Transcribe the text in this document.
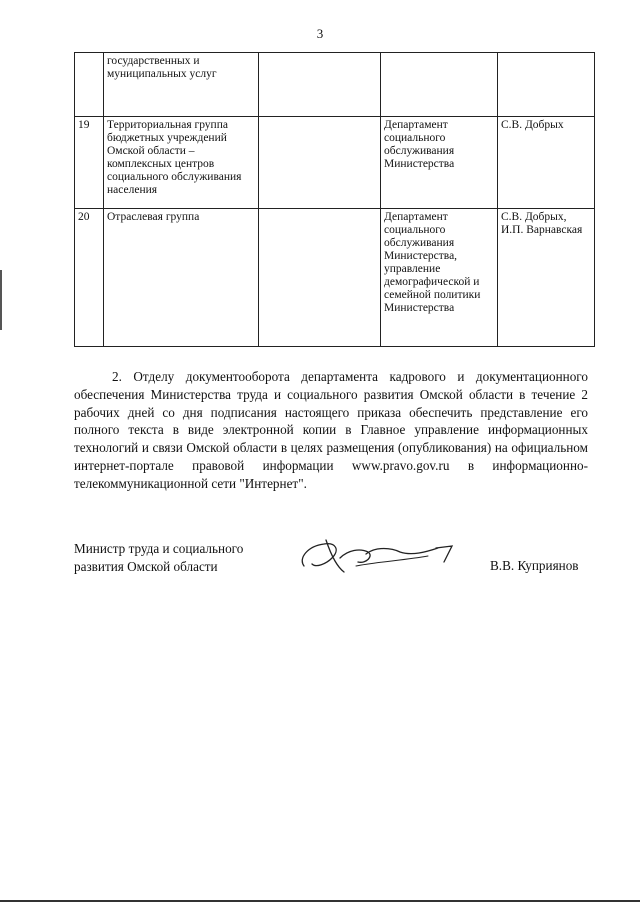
3
	государственных и муниципальных услуг			
19	Территориальная группа бюджетных учреждений Омской области – комплексных центров социального обслуживания населения		Департамент социального обслуживания Министерства	С.В. Добрых
20	Отраслевая группа		Департамент социального обслуживания Министерства, управление демографической и семейной политики Министерства	С.В. Добрых, И.П. Варнавская

2. Отделу документооборота департамента кадрового и документационного обеспечения Министерства труда и социального развития Омской области в течение 2 рабочих дней со дня подписания настоящего приказа обеспечить представление его полного текста в виде электронной копии в Главное управление информационных технологий и связи Омской области в целях размещения (опубликования) на официальном интернет-портале правовой информации www.pravo.gov.ru в информационно-телекоммуникационной сети "Интернет".

Министр труда и социального
развития Омской области	В.В. Куприянов
